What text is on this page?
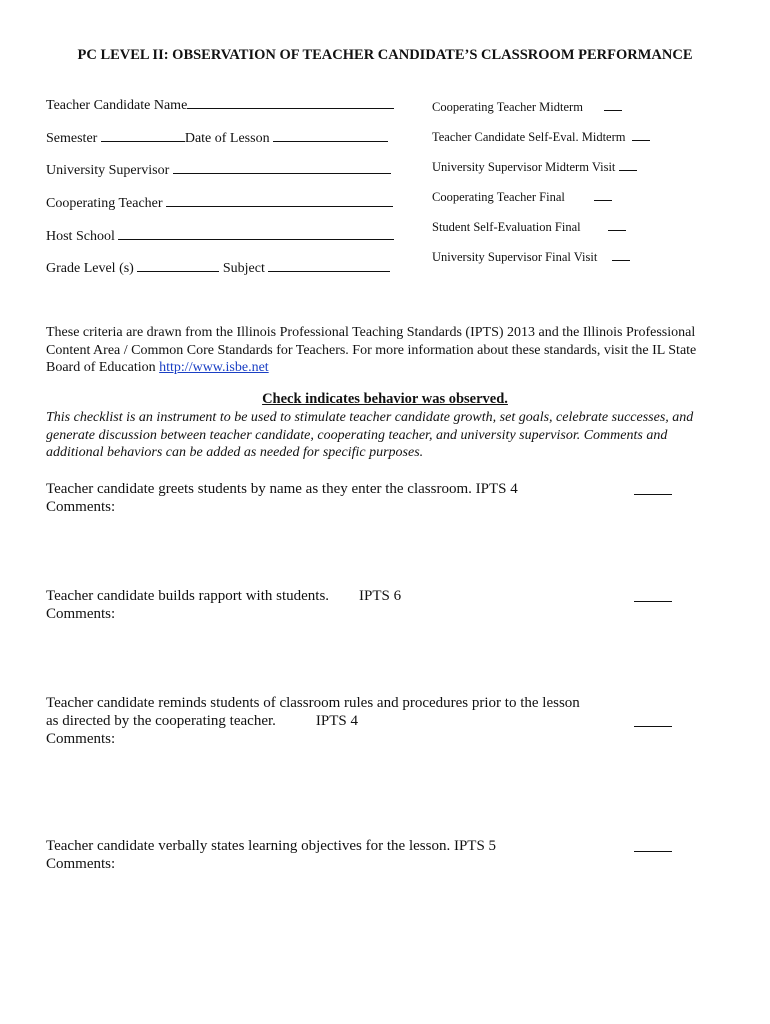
PC LEVEL II: OBSERVATION OF TEACHER CANDIDATE’S CLASSROOM PERFORMANCE
Teacher Candidate Name
Semester	Date of Lesson
University Supervisor
Cooperating Teacher
Host School
Grade Level (s)	Subject
Cooperating Teacher Midterm
Teacher Candidate Self-Eval. Midterm
University Supervisor Midterm Visit
Cooperating Teacher Final
Student Self-Evaluation Final
University Supervisor Final Visit
These criteria are drawn from the Illinois Professional Teaching Standards (IPTS) 2013 and the Illinois Professional Content Area / Common Core Standards for Teachers. For more information about these standards, visit the IL State Board of Education http://www.isbe.net
Check indicates behavior was observed.
This checklist is an instrument to be used to stimulate teacher candidate growth, set goals, celebrate successes, and generate discussion between teacher candidate, cooperating teacher, and university supervisor. Comments and additional behaviors can be added as needed for specific purposes.
Teacher candidate greets students by name as they enter the classroom. IPTS 4
Comments:
Teacher candidate builds rapport with students. IPTS 6
Comments:
Teacher candidate reminds students of classroom rules and procedures prior to the lesson
as directed by the cooperating teacher.	IPTS 4
Comments:
Teacher candidate verbally states learning objectives for the lesson. IPTS 5
Comments:
